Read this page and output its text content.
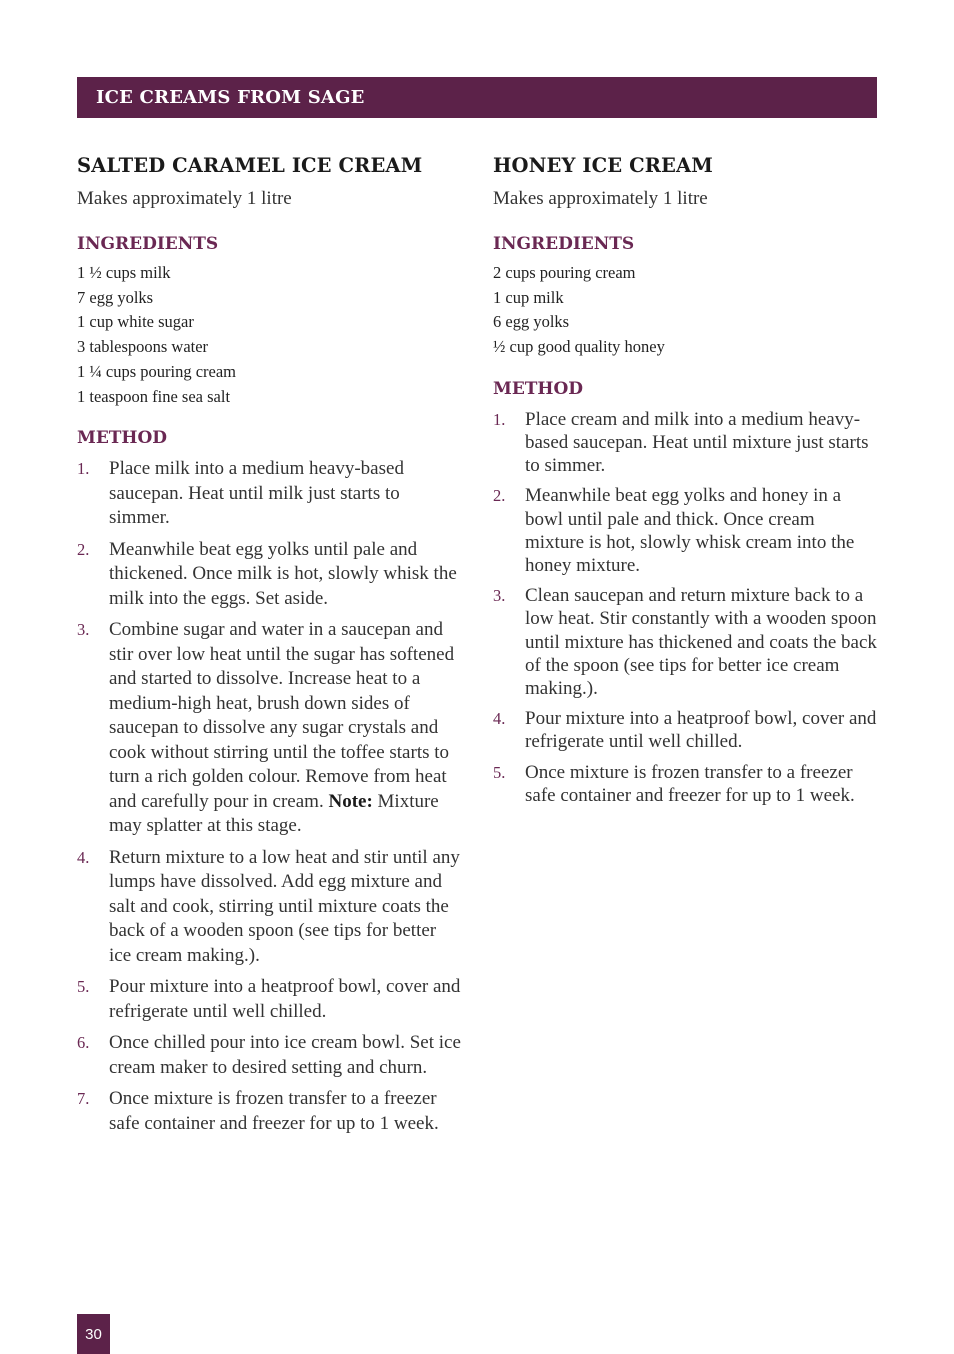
ICE CREAMS FROM SAGE
SALTED CARAMEL ICE CREAM
Makes approximately 1 litre
INGREDIENTS
1 ½ cups milk
7 egg yolks
1 cup white sugar
3 tablespoons water
1 ¼ cups pouring cream
1 teaspoon fine sea salt
METHOD
1.	Place milk into a medium heavy-based saucepan. Heat until milk just starts to simmer.
2.	Meanwhile beat egg yolks until pale and thickened. Once milk is hot, slowly whisk the milk into the eggs. Set aside.
3.	Combine sugar and water in a saucepan and stir over low heat until the sugar has softened and started to dissolve. Increase heat to a medium-high heat, brush down sides of saucepan to dissolve any sugar crystals and cook without stirring until the toffee starts to turn a rich golden colour. Remove from heat and carefully pour in cream. Note: Mixture may splatter at this stage.
4.	Return mixture to a low heat and stir until any lumps have dissolved. Add egg mixture and salt and cook, stirring until mixture coats the back of a wooden spoon (see tips for better ice cream making.).
5.	Pour mixture into a heatproof bowl, cover and refrigerate until well chilled.
6.	Once chilled pour into ice cream bowl. Set ice cream maker to desired setting and churn.
7.	Once mixture is frozen transfer to a freezer safe container and freezer for up to 1 week.
HONEY ICE CREAM
Makes approximately 1 litre
INGREDIENTS
2 cups pouring cream
1 cup milk
6 egg yolks
½ cup good quality honey
METHOD
1.	Place cream and milk into a medium heavy-based saucepan. Heat until mixture just starts to simmer.
2.	Meanwhile beat egg yolks and honey in a bowl until pale and thick. Once cream mixture is hot, slowly whisk cream into the honey mixture.
3.	Clean saucepan and return mixture back to a low heat. Stir constantly with a wooden spoon until mixture has thickened and coats the back of the spoon (see tips for better ice cream making.).
4.	Pour mixture into a heatproof bowl, cover and refrigerate until well chilled.
5.	Once mixture is frozen transfer to a freezer safe container and freezer for up to 1 week.
30
